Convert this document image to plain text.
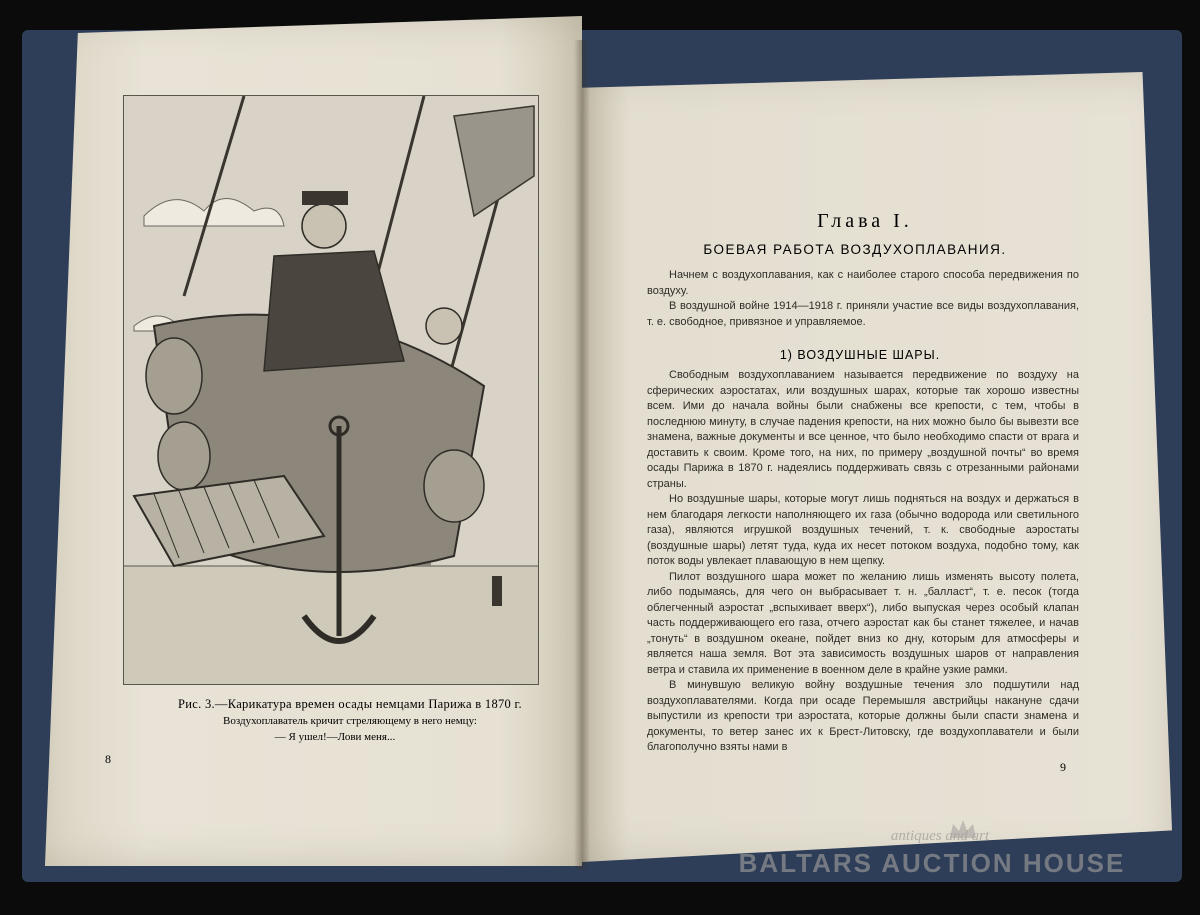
Рис. 3.—Карикатура времен осады немцами Парижа в 1870 г.
Воздухоплаватель кричит стреляющему в него немцу:
— Я ушел!—Лови меня...
8
Глава I.
БОЕВАЯ РАБОТА ВОЗДУХОПЛАВАНИЯ.

Начнем с воздухоплавания, как с наиболее старого способа передвижения по воздуху.

В воздушной войне 1914—1918 г. приняли участие все виды воздухоплавания, т. е. свободное, привязное и управляемое.

1) ВОЗДУШНЫЕ ШАРЫ.

Свободным воздухоплаванием называется передвижение по воздуху на сферических аэростатах, или воздушных шарах, которые так хорошо известны всем. Ими до начала войны были снабжены все крепости, с тем, чтобы в последнюю минуту, в случае падения крепости, на них можно было бы вывезти все знамена, важные документы и все ценное, что было необходимо спасти от врага и доставить к своим. Кроме того, на них, по примеру „воздушной почты“ во время осады Парижа в 1870 г. надеялись поддерживать связь с отрезанными районами страны.

Но воздушные шары, которые могут лишь подняться на воздух и держаться в нем благодаря легкости наполняющего их газа (обычно водорода или светильного газа), являются игрушкой воздушных течений, т. к. свободные аэростаты (воздушные шары) летят туда, куда их несет потоком воздуха, подобно тому, как поток воды увлекает плавающую в нем щепку.

Пилот воздушного шара может по желанию лишь изменять высоту полета, либо подымаясь, для чего он выбрасывает т. н. „балласт“, т. е. песок (тогда облегченный аэростат „вспыхивает вверх“), либо выпуская через особый клапан часть поддерживающего его газа, отчего аэростат как бы станет тяжелее, и начав „тонуть“ в воздушном океане, пойдет вниз ко дну, которым для атмосферы и является наша земля. Вот эта зависимость воздушных шаров от направления ветра и ставила их применение в военном деле в крайне узкие рамки.

В минувшую великую войну воздушные течения зло подшутили над воздухоплавателями. Когда при осаде Перемышля австрийцы накануне сдачи выпустили из крепости три аэростата, которые должны были спасти знамена и документы, то ветер занес их к Брест-Литовску, где воздухоплаватели и были благополучно взяты нами в

9
antiques and art
BALTARS AUCTION HOUSE
